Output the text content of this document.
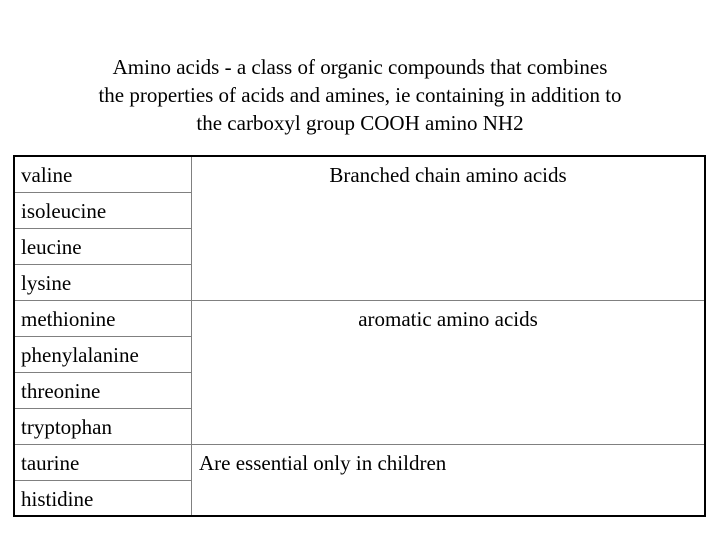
Amino acids - a class of organic compounds that combines
the properties of acids and amines, ie containing in addition to
the carboxyl group COOH amino NH2
valine
isoleucine
leucine
lysine
methionine
phenylalanine
threonine
tryptophan
taurine
histidine
Branched chain amino acids
aromatic amino acids
Are essential only in children
